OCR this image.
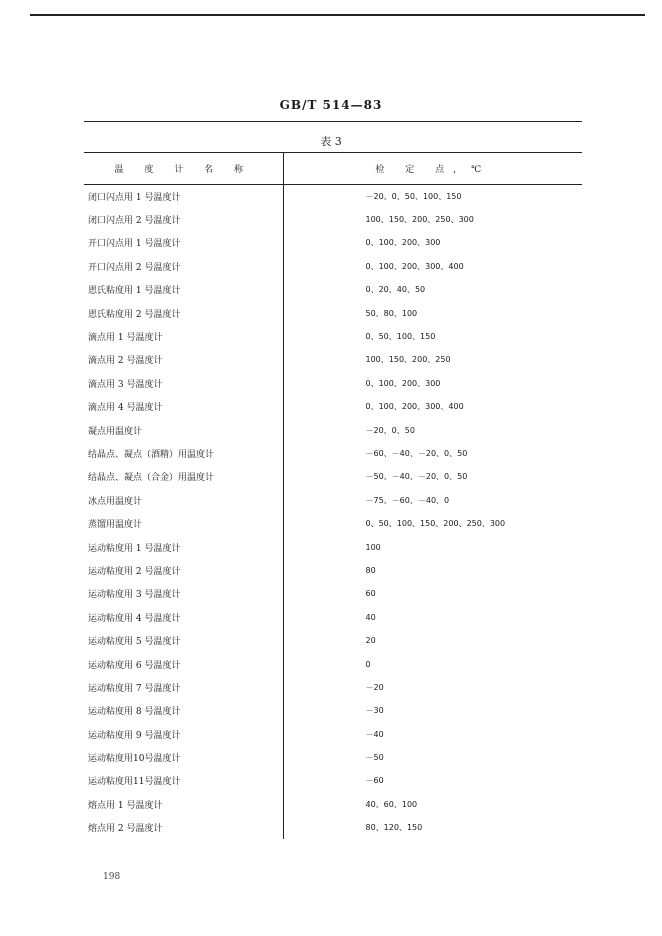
GB/T 514—83
表 3
温 度 计 名 称	检 定 点，℃
闭口闪点用 1 号温度计	－20、0、50、100、150
闭口闪点用 2 号温度计	100、150、200、250、300
开口闪点用 1 号温度计	0、100、200、300
开口闪点用 2 号温度计	0、100、200、300、400
恩氏粘度用 1 号温度计	0、20、40、50
恩氏粘度用 2 号温度计	50、80、100
滴点用 1 号温度计	0、50、100、150
滴点用 2 号温度计	100、150、200、250
滴点用 3 号温度计	0、100、200、300
滴点用 4 号温度计	0、100、200、300、400
凝点用温度计	－20、0、50
结晶点、凝点（酒精）用温度计	－60、－40、－20、0、50
结晶点、凝点（合金）用温度计	－50、－40、－20、0、50
冰点用温度计	－75、－60、－40、0
蒸馏用温度计	0、50、100、150、200、250、300
运动粘度用 1 号温度计	100
运动粘度用 2 号温度计	80
运动粘度用 3 号温度计	60
运动粘度用 4 号温度计	40
运动粘度用 5 号温度计	20
运动粘度用 6 号温度计	0
运动粘度用 7 号温度计	－20
运动粘度用 8 号温度计	－30
运动粘度用 9 号温度计	－40
运动粘度用10号温度计	－50
运动粘度用11号温度计	－60
熔点用 1 号温度计	40、60、100
熔点用 2 号温度计	80、120、150
198
